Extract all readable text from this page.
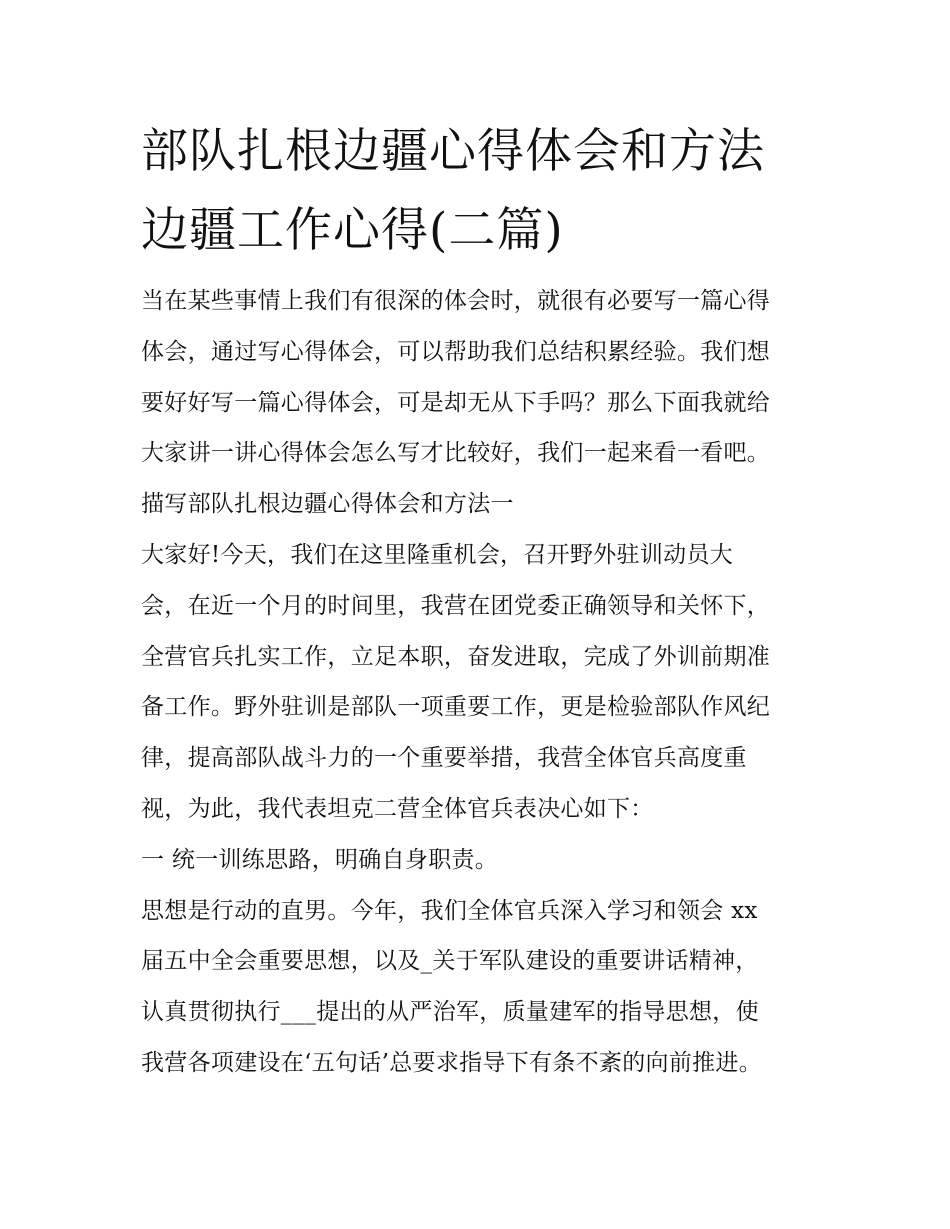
部队扎根边疆心得体会和方法
边疆工作心得(二篇)
当在某些事情上我们有很深的体会时，就很有必要写一篇心得
体会，通过写心得体会，可以帮助我们总结积累经验。我们想
要好好写一篇心得体会，可是却无从下手吗？那么下面我就给
大家讲一讲心得体会怎么写才比较好，我们一起来看一看吧。
描写部队扎根边疆心得体会和方法一
大家好!今天，我们在这里隆重机会，召开野外驻训动员大
会，在近一个月的时间里，我营在团党委正确领导和关怀下，
全营官兵扎实工作，立足本职，奋发进取，完成了外训前期准
备工作。野外驻训是部队一项重要工作，更是检验部队作风纪
律，提高部队战斗力的一个重要举措，我营全体官兵高度重
视，为此，我代表坦克二营全体官兵表决心如下：
一 统一训练思路，明确自身职责。
思想是行动的直男。今年，我们全体官兵深入学习和领会 xx
届五中全会重要思想，以及_关于军队建设的重要讲话精神，
认真贯彻执行___提出的从严治军，质量建军的指导思想，使
我营各项建设在‘五句话’总要求指导下有条不紊的向前推进。
